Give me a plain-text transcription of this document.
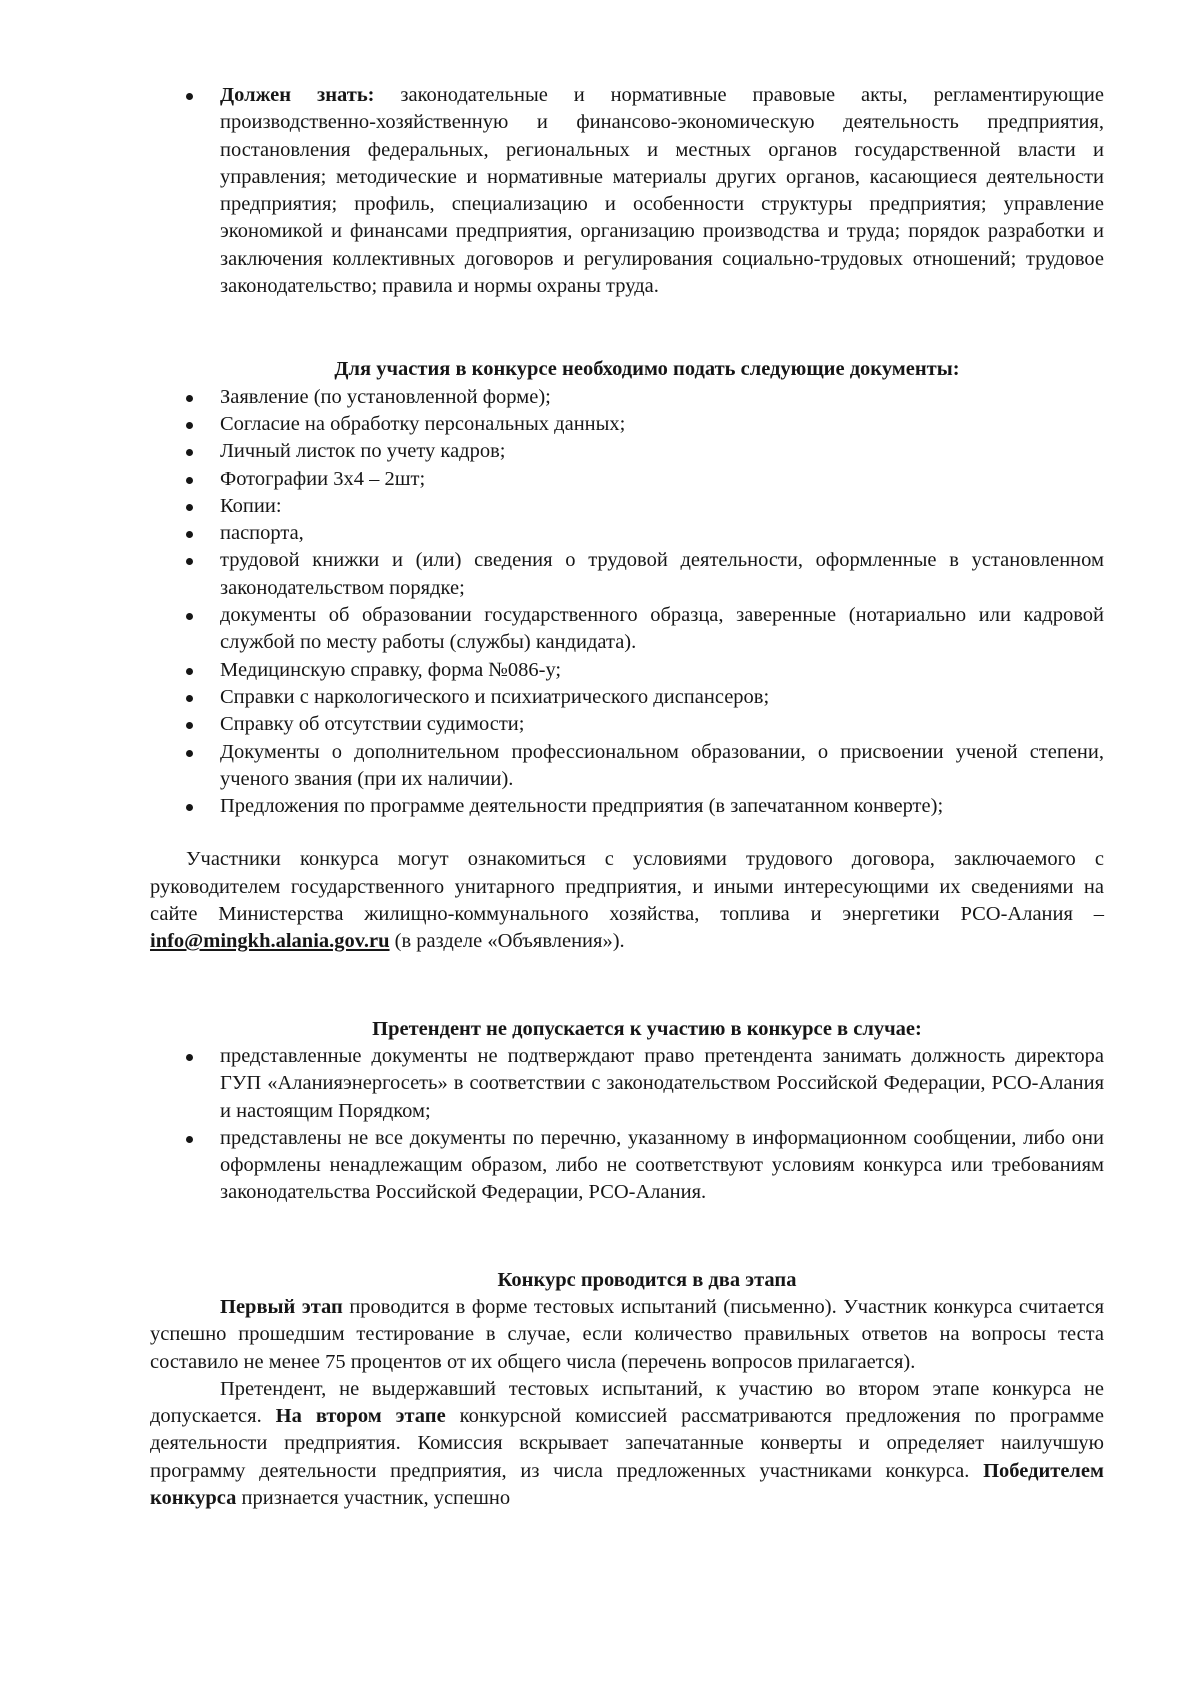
Должен знать: законодательные и нормативные правовые акты, регламентирующие производственно-хозяйственную и финансово-экономическую деятельность предприятия, постановления федеральных, региональных и местных органов государственной власти и управления; методические и нормативные материалы других органов, касающиеся деятельности предприятия; профиль, специализацию и особенности структуры предприятия; управление экономикой и финансами предприятия, организацию производства и труда; порядок разработки и заключения коллективных договоров и регулирования социально-трудовых отношений; трудовое законодательство; правила и нормы охраны труда.

Для участия в конкурсе необходимо подать следующие документы:

Заявление (по установленной форме);
Согласие на обработку персональных данных;
Личный листок по учету кадров;
Фотографии 3х4 – 2шт;
Копии:
паспорта,
трудовой книжки и (или) сведения о трудовой деятельности, оформленные в установленном законодательством порядке;
документы об образовании государственного образца, заверенные (нотариально или кадровой службой по месту работы (службы) кандидата).
Медицинскую справку, форма №086-у;
Справки с наркологического и психиатрического диспансеров;
Справку об отсутствии судимости;
Документы о дополнительном профессиональном образовании, о присвоении ученой степени, ученого звания (при их наличии).
Предложения по программе деятельности предприятия (в запечатанном конверте);

Участники конкурса могут ознакомиться с условиями трудового договора, заключаемого с руководителем государственного унитарного предприятия, и иными интересующими их сведениями на сайте Министерства жилищно-коммунального хозяйства, топлива и энергетики РСО-Алания – info@mingkh.alania.gov.ru (в разделе «Объявления»).

Претендент не допускается к участию в конкурсе в случае:

представленные документы не подтверждают право претендента занимать должность директора ГУП «Аланияэнергосеть» в соответствии с законодательством Российской Федерации, РСО-Алания и настоящим Порядком;
представлены не все документы по перечню, указанному в информационном сообщении, либо они оформлены ненадлежащим образом, либо не соответствуют условиям конкурса или требованиям законодательства Российской Федерации, РСО-Алания.

Конкурс проводится в два этапа

Первый этап проводится в форме тестовых испытаний (письменно). Участник конкурса считается успешно прошедшим тестирование в случае, если количество правильных ответов на вопросы теста составило не менее 75 процентов от их общего числа (перечень вопросов прилагается).

Претендент, не выдержавший тестовых испытаний, к участию во втором этапе конкурса не допускается. На втором этапе конкурсной комиссией рассматриваются предложения по программе деятельности предприятия. Комиссия вскрывает запечатанные конверты и определяет наилучшую программу деятельности предприятия, из числа предложенных участниками конкурса. Победителем конкурса признается участник, успешно
